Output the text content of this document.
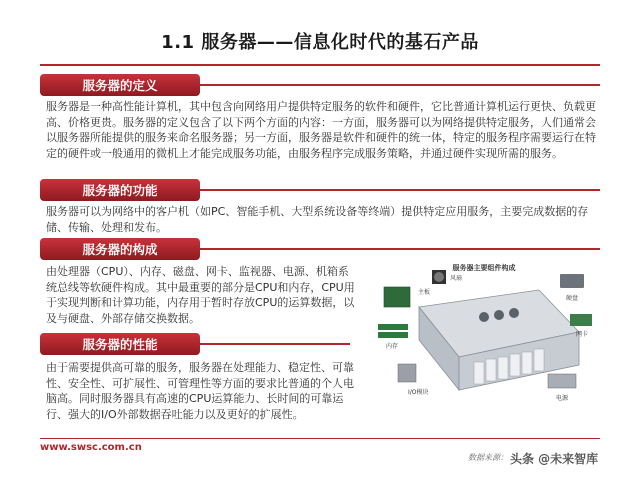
1.1 服务器——信息化时代的基石产品
服务器的定义

服务器是一种高性能计算机，其中包含向网络用户提供特定服务的软件和硬件，它比普通计算机运行更快、负载更高、价格更贵。服务器的定义包含了以下两个方面的内容：一方面，服务器可以为网络提供特定服务，人们通常会以服务器所能提供的服务来命名服务器；另一方面，服务器是软件和硬件的统一体，特定的服务程序需要运行在特定的硬件或一般通用的微机上才能完成服务功能，由服务程序完成服务策略，并通过硬件实现所需的服务。

服务器的功能

服务器可以为网络中的客户机（如PC、智能手机、大型系统设备等终端）提供特定应用服务，主要完成数据的存储、传输、处理和发布。

服务器的构成

由处理器（CPU）、内存、磁盘、网卡、监视器、电源、机箱系统总线等软硬件构成。其中最重要的部分是CPU和内存，CPU用于实现判断和计算功能，内存用于暂时存放CPU的运算数据，以及与硬盘、外部存储交换数据。

服务器的性能

由于需要提供高可靠的服务，服务器在处理能力、稳定性、可靠性、安全性、可扩展性、可管理性等方面的要求比普通的个人电脑高。同时服务器具有高速的CPU运算能力、长时间的可靠运行、强大的I/O外部数据吞吐能力以及更好的扩展性。

服务器主要组件构成
主板
风扇
内存
硬盘
网卡
I/O模块
电源
www.swsc.com.cn
数据来源： 头条 @未来智库
